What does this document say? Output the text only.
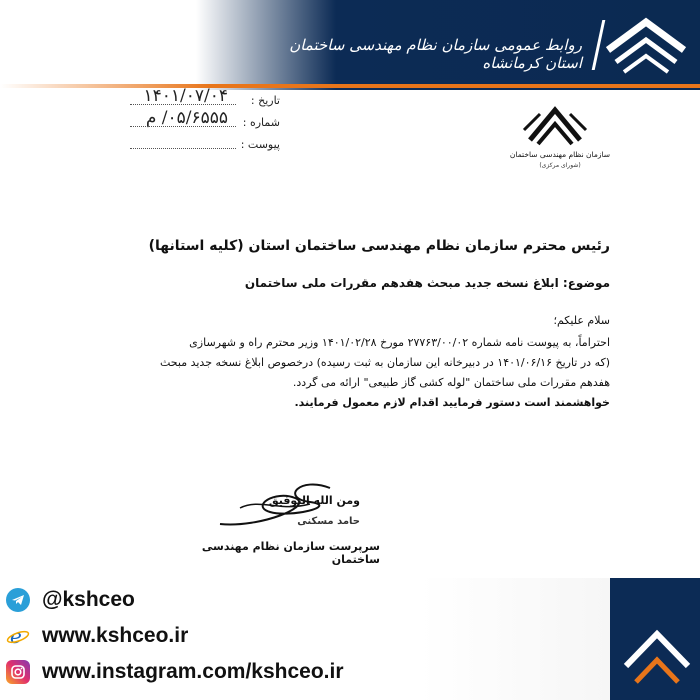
روابط عمومی سازمان نظام مهندسی ساختمان استان کرمانشاه
تاریخ :
۱۴۰۱/۰۷/۰۴
شماره :
۰۵/۶۵۵۵/ م
پیوست :
سازمان نظام مهندسی ساختمان
(شورای مرکزی)
رئیس محترم سازمان نظام مهندسی ساختمان استان (کلیه استانها)
موضوع: ابلاغ نسخه جدید مبحث هفدهم مقررات ملی ساختمان
سلام علیکم؛
احتراماً، به پیوست نامه شماره ۲۷۷۶۳/۰۰/۰۲ مورخ ۱۴۰۱/۰۲/۲۸ وزیر محترم راه و شهرسازی
(که در تاریخ ۱۴۰۱/۰۶/۱۶ در دبیرخانه این سازمان به ثبت رسیده) درخصوص ابلاغ نسخه جدید مبحث
هفدهم مقررات ملی ساختمان "لوله کشی گاز طبیعی" ارائه می گردد.
خواهشمند است دستور فرمایید اقدام لازم معمول فرمایند.
ومن الله التوفیق
حامد مسکنی
سرپرست سازمان نظام مهندسی ساختمان
@kshceo
e www.kshceo.ir
www.instagram.com/kshceo.ir
